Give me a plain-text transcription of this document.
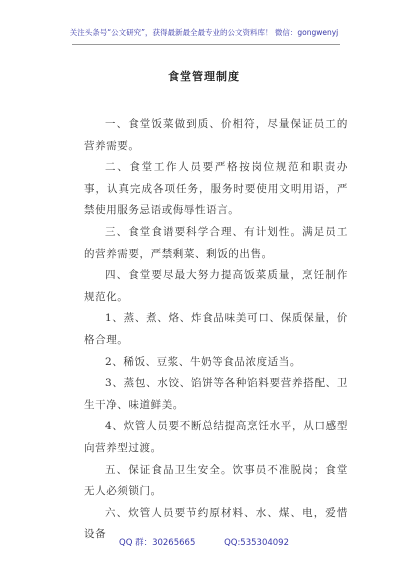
关注头条号“公文研究”，获得最新最全最专业的公文资料库！ 微信：gongwenyj
食堂管理制度

一、食堂饭菜做到质、价相符，尽量保证员工的营养需要。

二、食堂工作人员要严格按岗位规范和职责办事，认真完成各项任务，服务时要使用文明用语，严禁使用服务忌语或侮辱性语言。

三、食堂食谱要科学合理、有计划性。满足员工的营养需要，严禁剩菜、剩饭的出售。

四、食堂要尽最大努力提高饭菜质量，烹饪制作规范化。

1、蒸、煮、烙、炸食品味美可口、保质保量，价格合理。

2、稀饭、豆浆、牛奶等食品浓度适当。

3、蒸包、水饺、馅饼等各种馅料要营养搭配、卫生干净、味道鲜美。

4、炊管人员要不断总结提高烹饪水平，从口感型向营养型过渡。

五、保证食品卫生安全。饮事员不准脱岗；食堂无人必须锁门。

六、炊管人员要节约原材料、水、煤、电，爱惜设备

QQ 群：30265665	QQ:535304092
